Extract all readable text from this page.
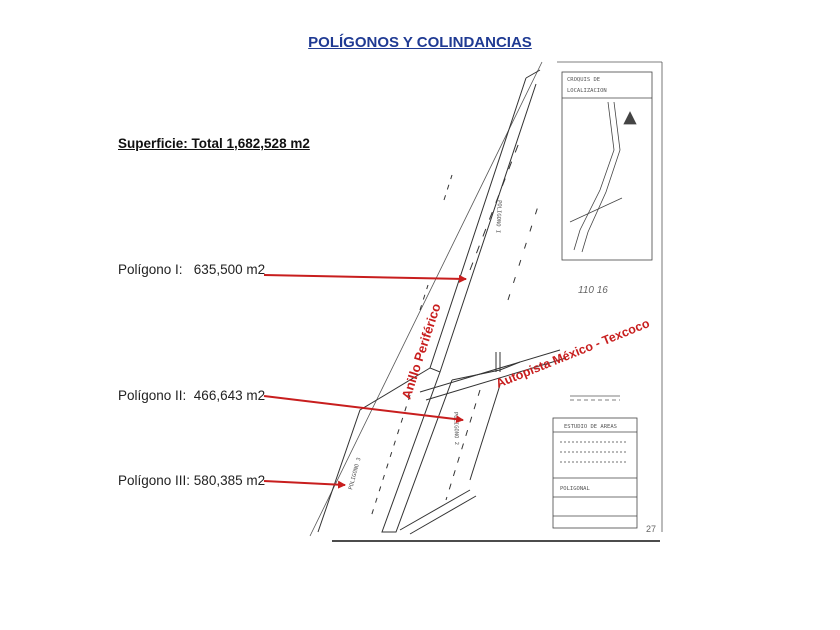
POLÍGONOS Y COLINDANCIAS
Superficie: Total 1,682,528 m2
Polígono I:   635,500 m2
Polígono II:  466,643 m2
Polígono III: 580,385 m2
CROQUIS DE
LOCALIZACION
POLIGONO I
POLIGONO 2
POLIGONO 3
110 16
Anillo Periférico	Autopista México - Texcoco
ESTUDIO DE AREAS
POLIGONAL
27
